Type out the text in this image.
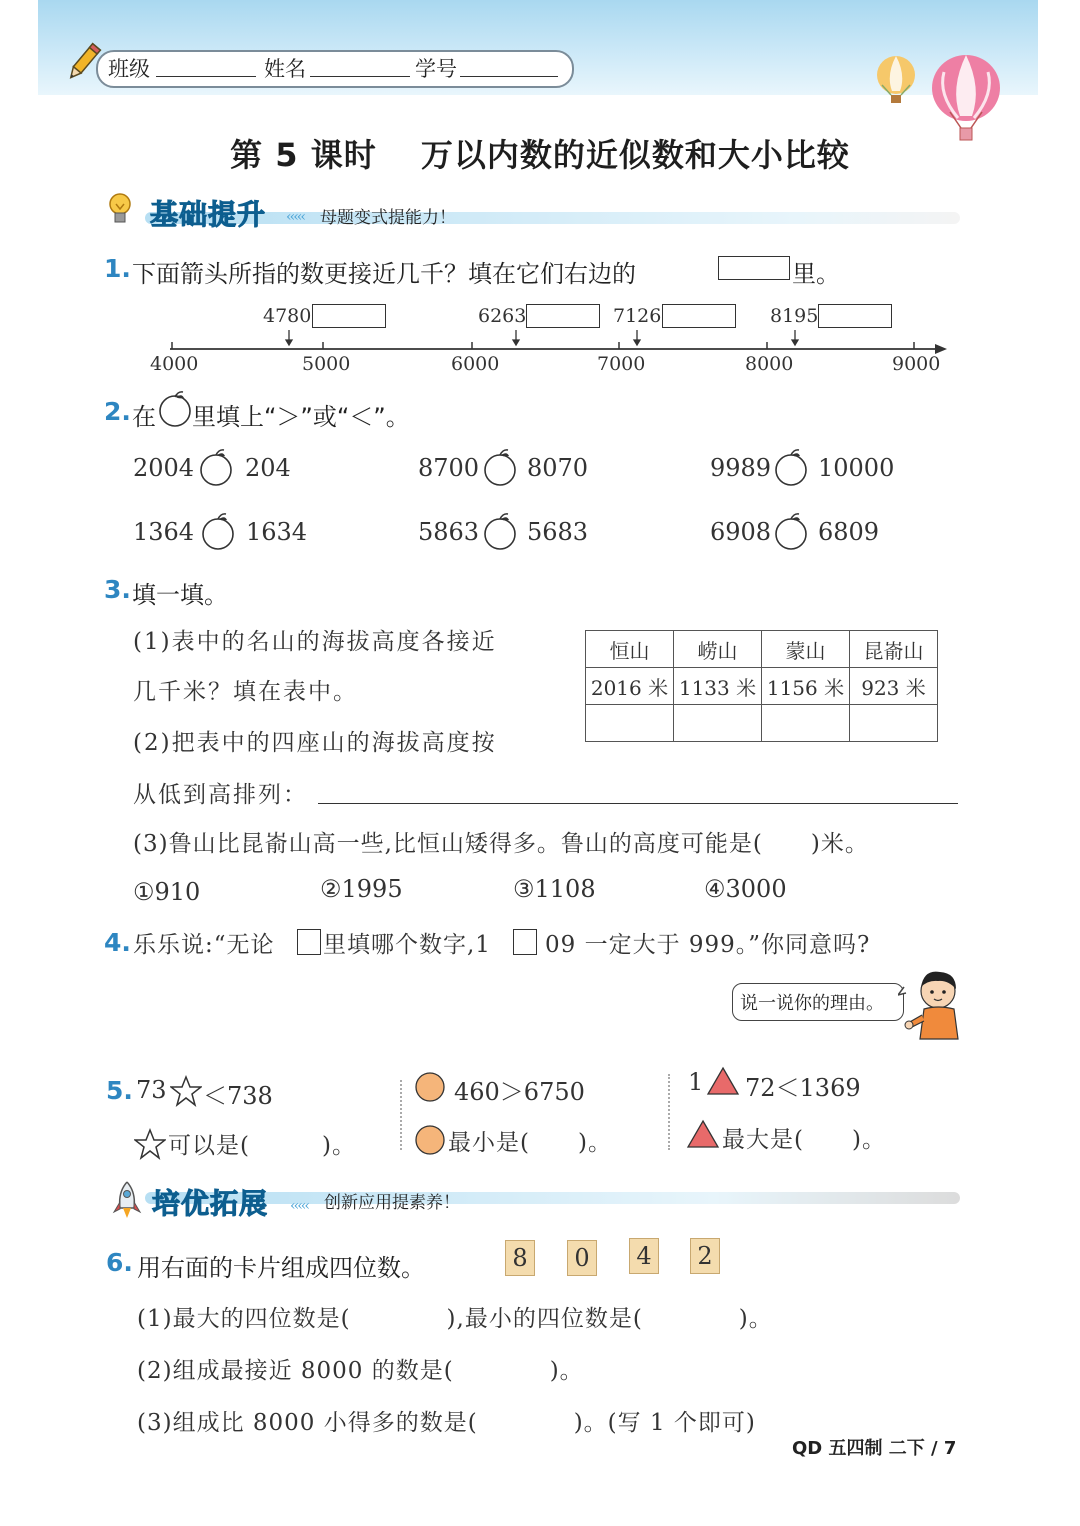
班级	姓名	学号
第 5 课时 万以内数的近似数和大小比较
基础提升 ‹‹‹‹‹ 母题变式提能力！
1. 下面箭头所指的数更接近几千？填在它们右边的	里。
4780	6263	7126	8195
4000	5000	6000	7000	8000	9000
2. 在 里填上“＞”或“＜”。
2004 204	8700 8070	9989 10000
1364 1634	5863 5683	6908 6809
3. 填一填。
(1)表中的名山的海拔高度各接近
几千米？填在表中。
(2)把表中的四座山的海拔高度按
从低到高排列：
恒山	崂山	蒙山	昆嵛山
2016 米	1133 米	1156 米	923 米

(3)鲁山比昆嵛山高一些,比恒山矮得多。鲁山的高度可能是(　　)米。
①910	②1995	③1108	④3000
4. 乐乐说:“无论 里填哪个数字,1 09 一定大于 999。”你同意吗?
说一说你的理由。
5. 73 ＜738
可以是(　　　)。
460＞6750
最小是(　　)。
1 72＜1369
最大是(　　)。
培优拓展 ‹‹‹‹‹ 创新应用提素养！
6. 用右面的卡片组成四位数。	8	0	4	2
(1)最大的四位数是(　　　　),最小的四位数是(　　　　)。
(2)组成最接近 8000 的数是(　　　　)。
(3)组成比 8000 小得多的数是(　　　　)。(写 1 个即可)
QD 五四制 二下 / 7
